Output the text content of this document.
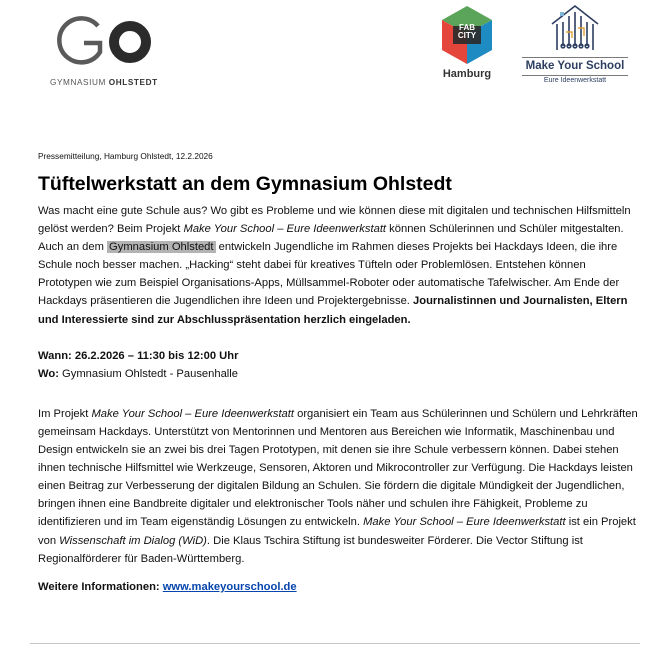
GYMNASIUM OHLSTEDT
FAB
CITY
Hamburg
Make Your School
Eure Ideenwerkstatt

Pressemitteilung, Hamburg Ohlstedt, 12.2.2026

Tüftelwerkstatt an dem Gymnasium Ohlstedt

Was macht eine gute Schule aus? Wo gibt es Probleme und wie können diese mit digitalen und technischen Hilfsmitteln gelöst werden? Beim Projekt Make Your School – Eure Ideenwerkstatt können Schülerinnen und Schüler mitgestalten. Auch an dem Gymnasium Ohlstedt entwickeln Jugendliche im Rahmen dieses Projekts bei Hackdays Ideen, die ihre Schule noch besser machen. „Hacking“ steht dabei für kreatives Tüfteln oder Problemlösen. Entstehen können Prototypen wie zum Beispiel Organisations-Apps, Müllsammel-Roboter oder automatische Tafelwischer. Am Ende der Hackdays präsentieren die Jugendlichen ihre Ideen und Projektergebnisse. Journalistinnen und Journalisten, Eltern und Interessierte sind zur Abschlusspräsentation herzlich eingeladen.

Wann: 26.2.2026 – 11:30 bis 12:00 Uhr

Wo: Gymnasium Ohlstedt - Pausenhalle

Im Projekt Make Your School – Eure Ideenwerkstatt organisiert ein Team aus Schülerinnen und Schülern und Lehrkräften gemeinsam Hackdays. Unterstützt von Mentorinnen und Mentoren aus Bereichen wie Informatik, Maschinenbau und Design entwickeln sie an zwei bis drei Tagen Prototypen, mit denen sie ihre Schule verbessern können. Dabei stehen ihnen technische Hilfsmittel wie Werkzeuge, Sensoren, Aktoren und Mikrocontroller zur Verfügung. Die Hackdays leisten einen Beitrag zur Verbesserung der digitalen Bildung an Schulen. Sie fördern die digitale Mündigkeit der Jugendlichen, bringen ihnen eine Bandbreite digitaler und elektronischer Tools näher und schulen ihre Fähigkeit, Probleme zu identifizieren und im Team eigenständig Lösungen zu entwickeln. Make Your School – Eure Ideenwerkstatt ist ein Projekt von Wissenschaft im Dialog (WiD). Die Klaus Tschira Stiftung ist bundesweiter Förderer. Die Vector Stiftung ist Regionalförderer für Baden-Württemberg.

Weitere Informationen: www.makeyourschool.de
